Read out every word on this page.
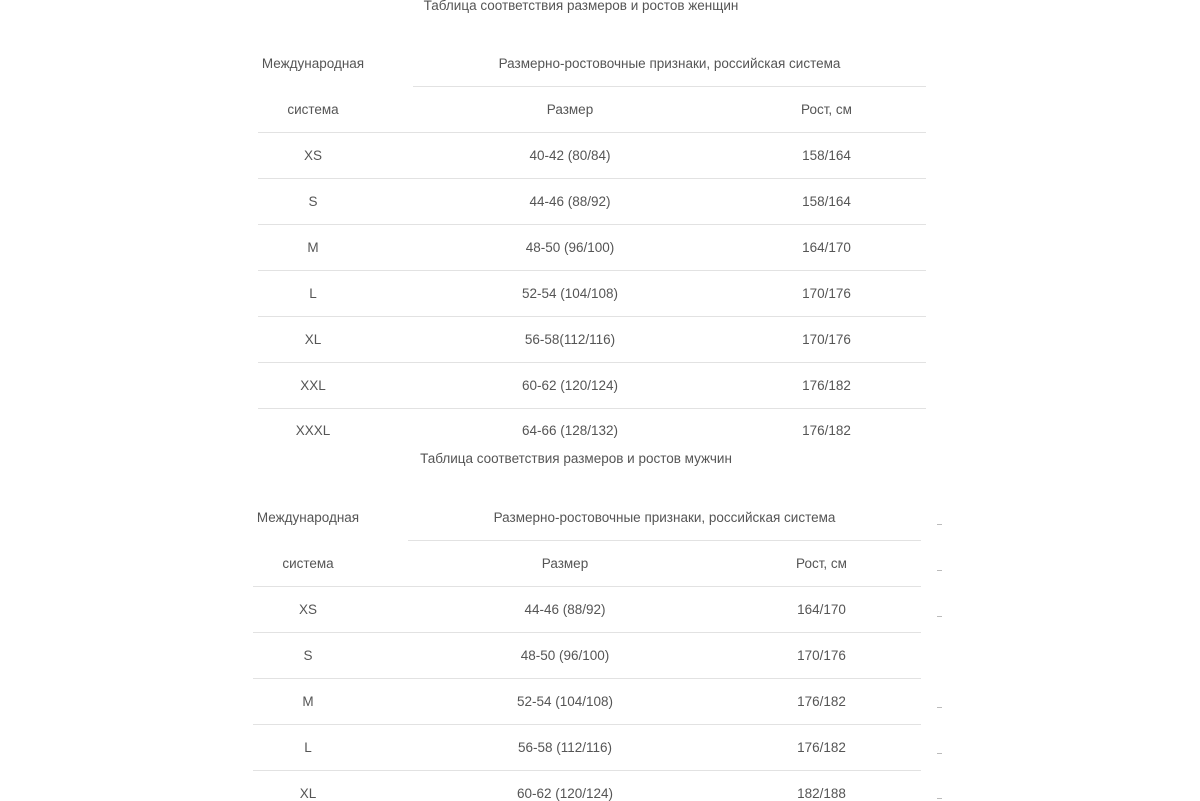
Таблица соответствия размеров и ростов женщин
Международная	Размерно-ростовочные признаки, российская система
система	Размер	Рост, см
XS	40-42 (80/84)	158/164
S	44-46 (88/92)	158/164
M	48-50 (96/100)	164/170
L	52-54 (104/108)	170/176
XL	56-58(112/116)	170/176
XXL	60-62 (120/124)	176/182
XXXL	64-66 (128/132)	176/182
Таблица соответствия размеров и ростов мужчин
Международная	Размерно-ростовочные признаки, российская система
система	Размер	Рост, см
XS	44-46 (88/92)	164/170
S	48-50 (96/100)	170/176
M	52-54 (104/108)	176/182
L	56-58 (112/116)	176/182
XL	60-62 (120/124)	182/188
